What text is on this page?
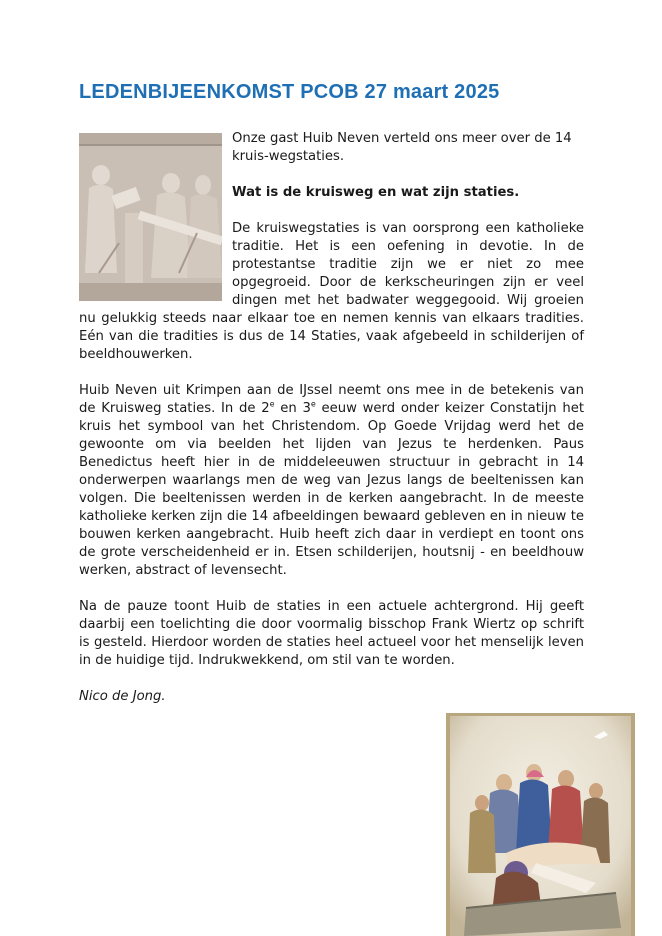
LEDENBIJEENKOMST PCOB 27 maart 2025

Onze gast Huib Neven verteld ons meer over de 14 kruis-wegstaties.

Wat is de kruisweg en wat zijn staties.

De kruiswegstaties is van oorsprong een katholieke traditie. Het is een oefening in devotie. In de protestantse traditie zijn we er niet zo mee opgegroeid. Door de kerkscheuringen zijn er veel dingen met het badwater weggegooid. Wij groeien nu gelukkig steeds naar elkaar toe en nemen kennis van elkaars tradities. Eén van die tradities is dus de 14 Staties, vaak afgebeeld in schilderijen of beeldhouwerken.

Huib Neven uit Krimpen aan de IJssel neemt ons mee in de betekenis van de Kruisweg staties. In de 2e en 3e eeuw werd onder keizer Constatijn het kruis het symbool van het Christendom. Op Goede Vrijdag werd het de gewoonte om via beelden het lijden van Jezus te herdenken. Paus Benedictus heeft hier in de middeleeuwen structuur in gebracht in 14 onderwerpen waarlangs men de weg van Jezus langs de beeltenissen kan volgen. Die beeltenissen werden in de kerken aangebracht. In de meeste katholieke kerken zijn die 14 afbeeldingen bewaard gebleven en in nieuw te bouwen kerken aangebracht. Huib heeft zich daar in verdiept en toont ons de grote verscheidenheid er in. Etsen schilderijen, houtsnij - en beeldhouw werken, abstract of levensecht.

Na de pauze toont Huib de staties in een actuele achtergrond. Hij geeft daarbij een toelichting die door voormalig bisschop Frank Wiertz op schrift is gesteld. Hierdoor worden de staties heel actueel voor het menselijk leven in de huidige tijd. Indrukwekkend, om stil van te worden.

Nico de Jong.
